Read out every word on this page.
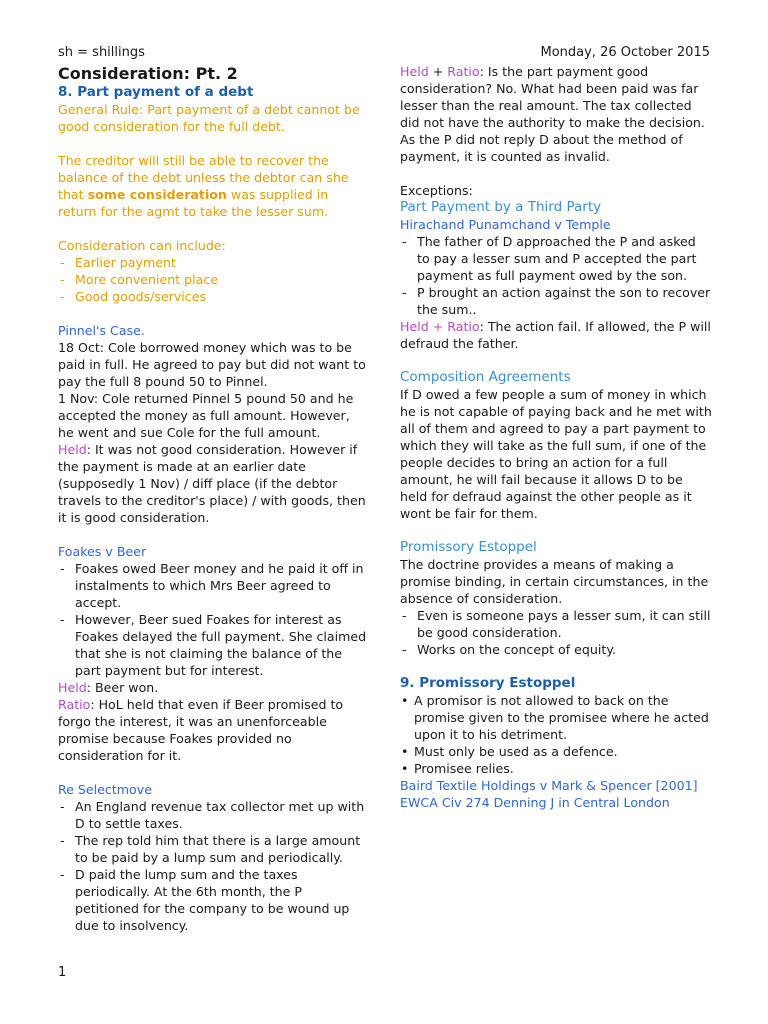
sh = shillings	Monday, 26 October 2015
Consideration: Pt. 2
8. Part payment of a debt

General Rule: Part payment of a debt cannot be good consideration for the full debt.

The creditor will still be able to recover the balance of the debt unless the debtor can she that some consideration was supplied in return for the agmt to take the lesser sum.

Consideration can include:

- Earlier payment
- More convenient place
- Good goods/services

Pinnel's Case.

18 Oct: Cole borrowed money which was to be paid in full. He agreed to pay but did not want to pay the full 8 pound 50 to Pinnel.

1 Nov: Cole returned Pinnel 5 pound 50 and he accepted the money as full amount. However, he went and sue Cole for the full amount.

Held: It was not good consideration. However if the payment is made at an earlier date (supposedly 1 Nov) / diff place (if the debtor travels to the creditor's place) / with goods, then it is good consideration.

Foakes v Beer

- Foakes owed Beer money and he paid it off in instalments to which Mrs Beer agreed to accept.
- However, Beer sued Foakes for interest as Foakes delayed the full payment. She claimed that she is not claiming the balance of the part payment but for interest.

Held: Beer won.

Ratio: HoL held that even if Beer promised to forgo the interest, it was an unenforceable promise because Foakes provided no consideration for it.

Re Selectmove

- An England revenue tax collector met up with D to settle taxes.
- The rep told him that there is a large amount to be paid by a lump sum and periodically.
- D paid the lump sum and the taxes periodically. At the 6th month, the P petitioned for the company to be wound up due to insolvency.

Held + Ratio: Is the part payment good consideration? No. What had been paid was far lesser than the real amount. The tax collected did not have the authority to make the decision. As the P did not reply D about the method of payment, it is counted as invalid.

Exceptions:

Part Payment by a Third Party

Hirachand Punamchand v Temple

- The father of D approached the P and asked to pay a lesser sum and P accepted the part payment as full payment owed by the son.
- P brought an action against the son to recover the sum..

Held + Ratio: The action fail. If allowed, the P will defraud the father.

Composition Agreements

If D owed a few people a sum of money in which he is not capable of paying back and he met with all of them and agreed to pay a part payment to which they will take as the full sum, if one of the people decides to bring an action for a full amount, he will fail because it allows D to be held for defraud against the other people as it wont be fair for them.

Promissory Estoppel

The doctrine provides a means of making a promise binding, in certain circumstances, in the absence of consideration.

- Even is someone pays a lesser sum, it can still be good consideration.
- Works on the concept of equity.
9. Promissory Estoppel
• A promisor is not allowed to back on the promise given to the promisee where he acted upon it to his detriment.
• Must only be used as a defence.
• Promisee relies.

Baird Textile Holdings v Mark & Spencer [2001]

EWCA Civ 274 Denning J in Central London

1
